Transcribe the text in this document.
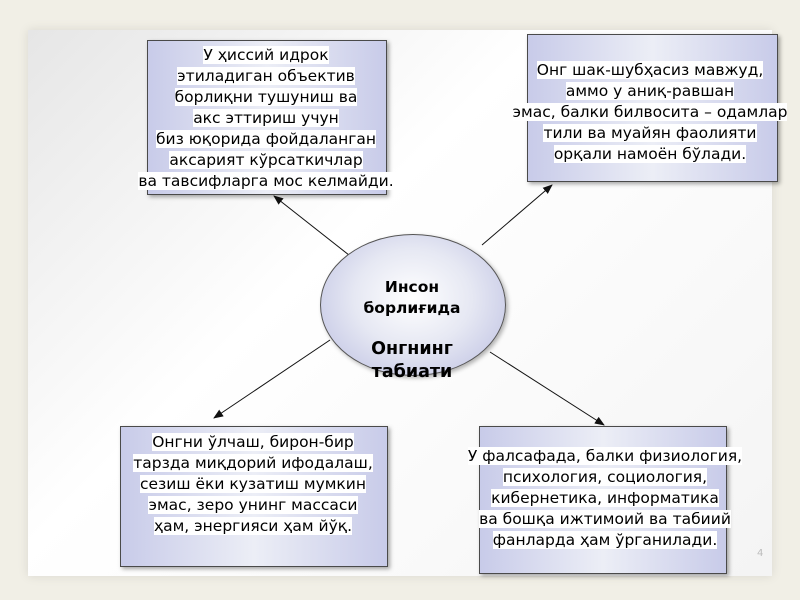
У ҳиссий идрок
этиладиган объектив
борлиқни тушуниш ва
акс эттириш учун
биз юқорида фойдаланган
аксарият кўрсаткичлар
ва тавсифларга мос келмайди.

Онг шак-шубҳасиз мавжуд,
аммо у аниқ-равшан
эмас, балки билвосита – одамлар
тили ва муайян фаолияти
орқали намоён бўлади.

Онгни ўлчаш, бирон-бир
тарзда миқдорий ифодалаш,
сезиш ёки кузатиш мумкин
эмас, зеро унинг массаси
ҳам, энергияси ҳам йўқ.

У фалсафада, балки физиология,
психология, социология,
кибернетика, информатика
ва бошқа ижтимоий ва табиий
фанларда ҳам ўрганилади.

Инсон
борлиғида

Онгнинг
табиати

4
